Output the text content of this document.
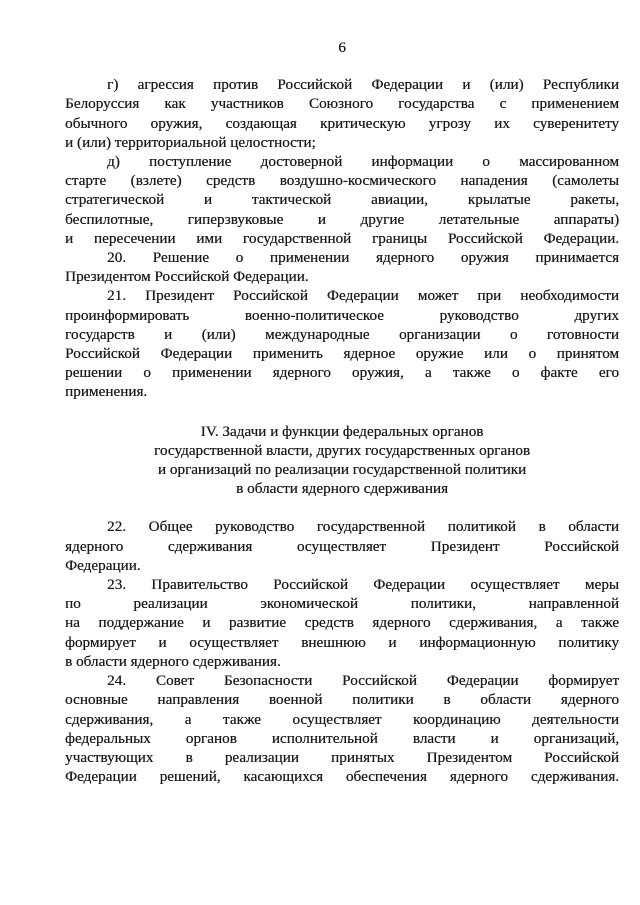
6
г) агрессия против Российской Федерации и (или) Республики
Белоруссия как участников Союзного государства с применением
обычного оружия, создающая критическую угрозу их суверенитету
и (или) территориальной целостности;
д) поступление достоверной информации о массированном
старте (взлете) средств воздушно-космического нападения (самолеты
стратегической и тактической авиации, крылатые ракеты,
беспилотные, гиперзвуковые и другие летательные аппараты)
и пересечении ими государственной границы Российской Федерации.
20. Решение о применении ядерного оружия принимается
Президентом Российской Федерации.
21. Президент Российской Федерации может при необходимости
проинформировать военно-политическое руководство других
государств и (или) международные организации о готовности
Российской Федерации применить ядерное оружие или о принятом
решении о применении ядерного оружия, а также о факте его
применения.
IV. Задачи и функции федеральных органов
государственной власти, других государственных органов
и организаций по реализации государственной политики
в области ядерного сдерживания
22. Общее руководство государственной политикой в области
ядерного сдерживания осуществляет Президент Российской
Федерации.
23. Правительство Российской Федерации осуществляет меры
по реализации экономической политики, направленной
на поддержание и развитие средств ядерного сдерживания, а также
формирует и осуществляет внешнюю и информационную политику
в области ядерного сдерживания.
24. Совет Безопасности Российской Федерации формирует
основные направления военной политики в области ядерного
сдерживания, а также осуществляет координацию деятельности
федеральных органов исполнительной власти и организаций,
участвующих в реализации принятых Президентом Российской
Федерации решений, касающихся обеспечения ядерного сдерживания.
